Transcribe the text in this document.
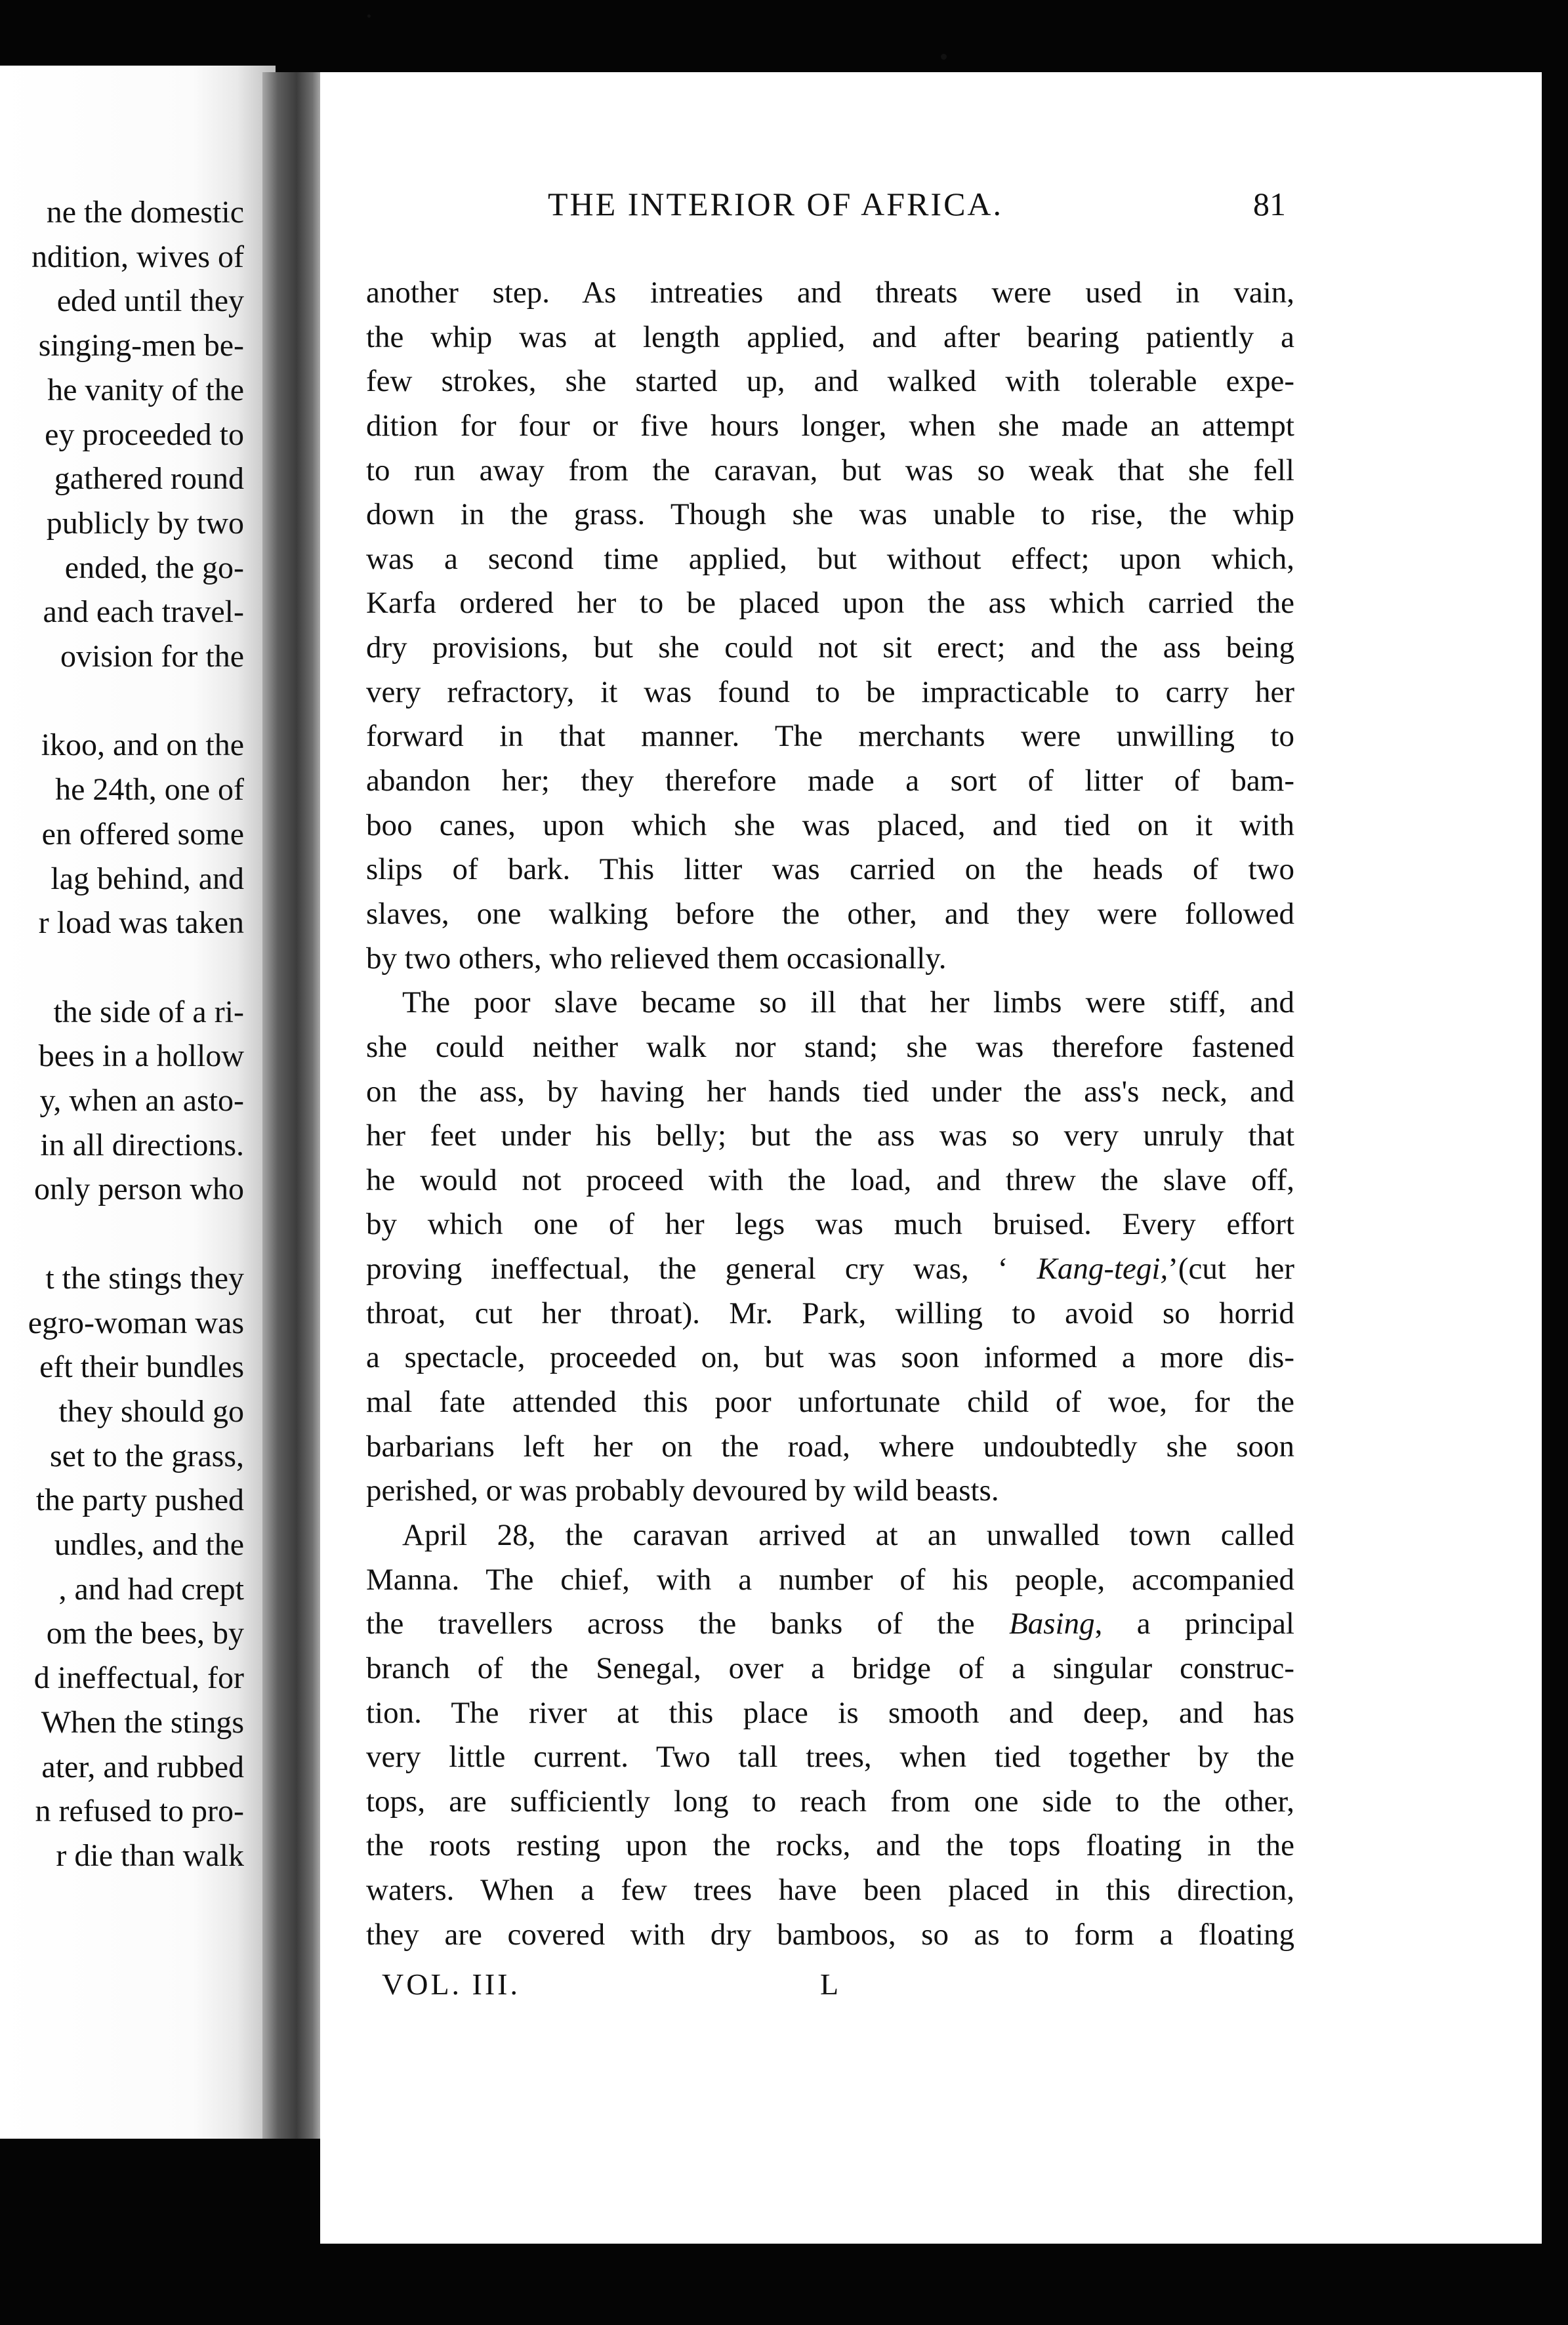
ne the domestic
ndition, wives of
eded until they
singing-men be-
he vanity of the
ey proceeded to
gathered round
publicly by two
ended, the go-
and each travel-
ovision for the
ikoo, and on the
he 24th, one of
en offered some
lag behind, and
r load was taken
the side of a ri-
bees in a hollow
y, when an asto-
in all directions.
only person who
t the stings they
egro-woman was
eft their bundles
they should go
set to the grass,
the party pushed
undles, and the
, and had crept
om the bees, by
d ineffectual, for
When the stings
ater, and rubbed
n refused to pro-
r die than walk
THE INTERIOR OF AFRICA.	81
another step. As intreaties and threats were used in vain,
the whip was at length applied, and after bearing patiently a
few strokes, she started up, and walked with tolerable expe-
dition for four or five hours longer, when she made an attempt
to run away from the caravan, but was so weak that she fell
down in the grass. Though she was unable to rise, the whip
was a second time applied, but without effect; upon which,
Karfa ordered her to be placed upon the ass which carried the
dry provisions, but she could not sit erect; and the ass being
very refractory, it was found to be impracticable to carry her
forward in that manner. The merchants were unwilling to
abandon her; they therefore made a sort of litter of bam-
boo canes, upon which she was placed, and tied on it with
slips of bark. This litter was carried on the heads of two
slaves, one walking before the other, and they were followed
by two others, who relieved them occasionally.
The poor slave became so ill that her limbs were stiff, and
she could neither walk nor stand; she was therefore fastened
on the ass, by having her hands tied under the ass's neck, and
her feet under his belly; but the ass was so very unruly that
he would not proceed with the load, and threw the slave off,
by which one of her legs was much bruised. Every effort
proving ineffectual, the general cry was, ‘ Kang-tegi,’(cut her
throat, cut her throat). Mr. Park, willing to avoid so horrid
a spectacle, proceeded on, but was soon informed a more dis-
mal fate attended this poor unfortunate child of woe, for the
barbarians left her on the road, where undoubtedly she soon
perished, or was probably devoured by wild beasts.
April 28, the caravan arrived at an unwalled town called
Manna. The chief, with a number of his people, accompanied
the travellers across the banks of the Basing, a principal
branch of the Senegal, over a bridge of a singular construc-
tion. The river at this place is smooth and deep, and has
very little current. Two tall trees, when tied together by the
tops, are sufficiently long to reach from one side to the other,
the roots resting upon the rocks, and the tops floating in the
waters. When a few trees have been placed in this direction,
they are covered with dry bamboos, so as to form a floating
VOL. III.	L
